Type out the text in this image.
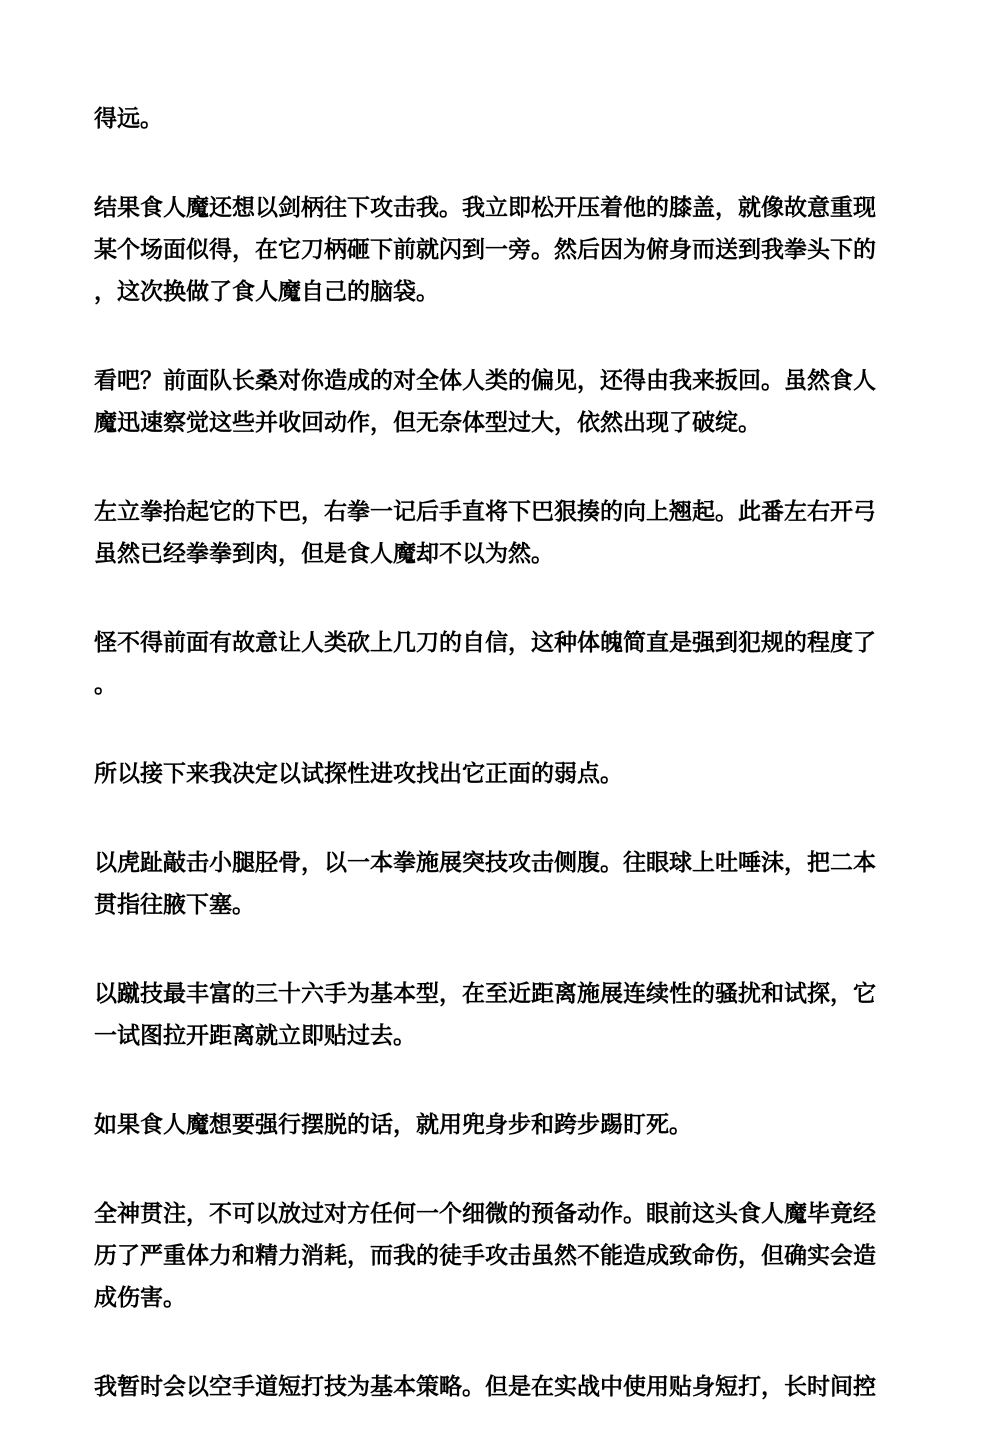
得远。

结果食人魔还想以剑柄往下攻击我。我立即松开压着他的膝盖，就像故意重现
某个场面似得，在它刀柄砸下前就闪到一旁。然后因为俯身而送到我拳头下的
，这次换做了食人魔自己的脑袋。

看吧？前面队长桑对你造成的对全体人类的偏见，还得由我来扳回。虽然食人
魔迅速察觉这些并收回动作，但无奈体型过大，依然出现了破绽。

左立拳抬起它的下巴，右拳一记后手直将下巴狠揍的向上翘起。此番左右开弓
虽然已经拳拳到肉，但是食人魔却不以为然。

怪不得前面有故意让人类砍上几刀的自信，这种体魄简直是强到犯规的程度了
。

所以接下来我决定以试探性进攻找出它正面的弱点。

以虎趾敲击小腿胫骨，以一本拳施展突技攻击侧腹。往眼球上吐唾沫，把二本
贯指往腋下塞。

以蹴技最丰富的三十六手为基本型，在至近距离施展连续性的骚扰和试探，它
一试图拉开距离就立即贴过去。

如果食人魔想要强行摆脱的话，就用兜身步和跨步踢盯死。

全神贯注，不可以放过对方任何一个细微的预备动作。眼前这头食人魔毕竟经
历了严重体力和精力消耗，而我的徒手攻击虽然不能造成致命伤，但确实会造
成伤害。

我暂时会以空手道短打技为基本策略。但是在实战中使用贴身短打，长时间控
